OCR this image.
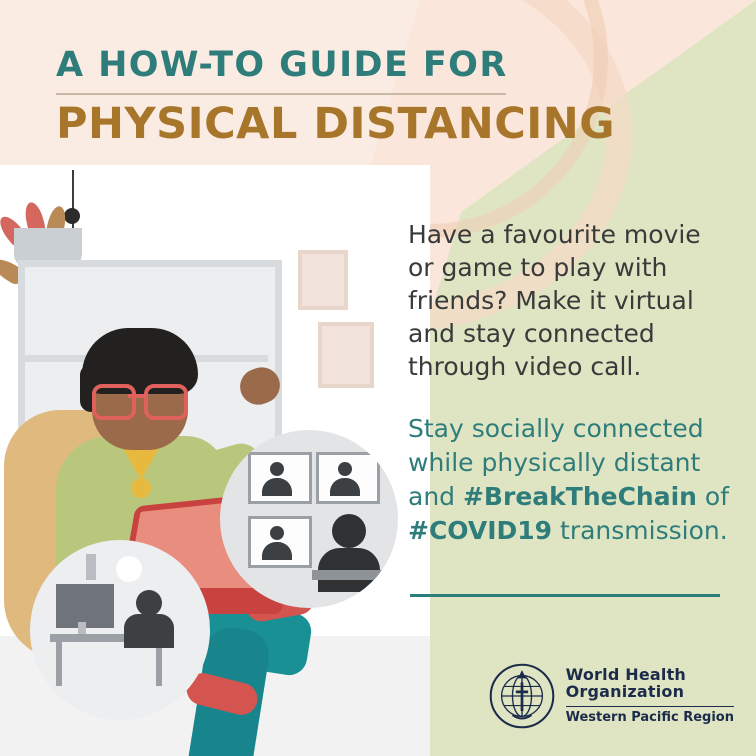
A HOW-TO GUIDE FOR
PHYSICAL DISTANCING
Have a favourite movie or game to play with friends? Make it virtual and stay connected through video call.
Stay socially connected while physically distant and #BreakTheChain of #COVID19 transmission.
World Health
Organization
Western Pacific Region
